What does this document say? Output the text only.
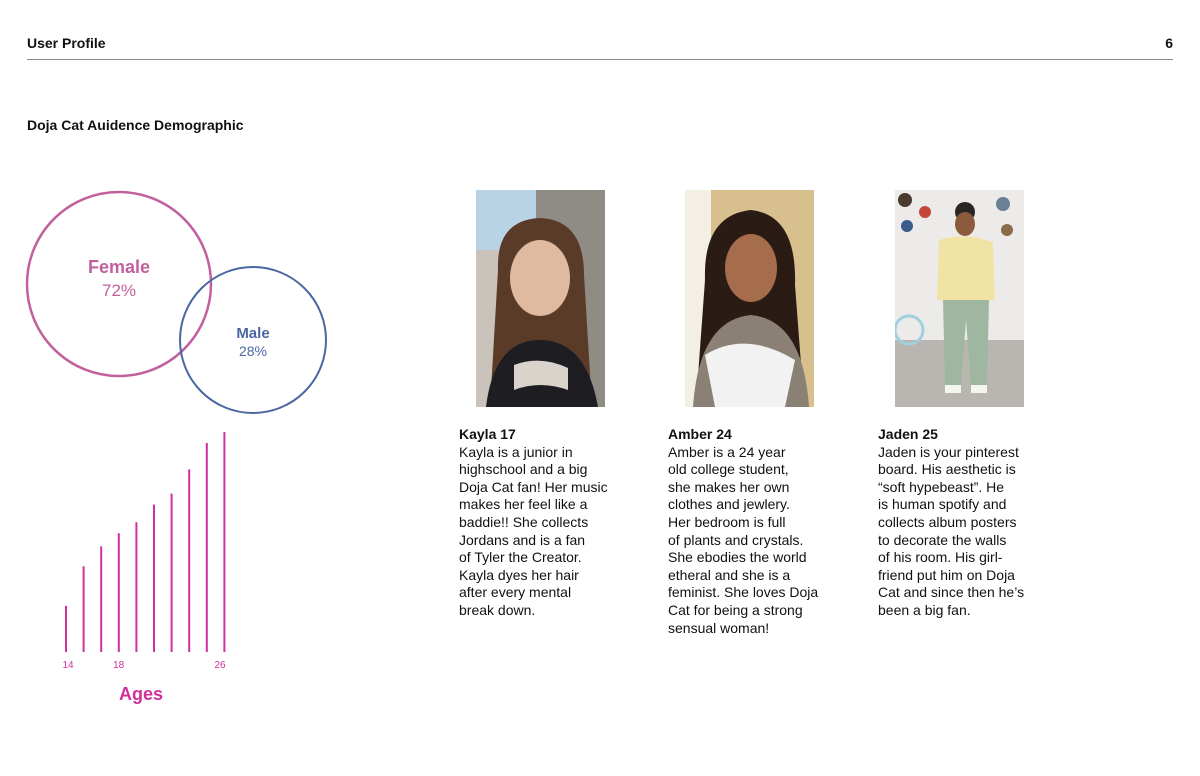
User Profile	6
Doja Cat Auidence Demographic
Female
72%
Male
28%
14	18	26
Ages
Kayla 17
Kayla is a junior in
highschool and a big
Doja Cat fan! Her music
makes her feel like a
baddie!! She collects
Jordans and is a fan
of Tyler the Creator.
Kayla dyes her hair
after every mental
break down.
Amber 24
Amber is a 24 year
old college student,
she makes her own
clothes and jewlery.
Her bedroom is full
of plants and crystals.
She ebodies the world
etheral and she is a
feminist. She loves Doja
Cat for being a strong
sensual woman!
Jaden 25
Jaden is your pinterest
board. His aesthetic is
“soft hypebeast”. He
is human spotify and
collects album posters
to decorate the walls
of his room. His girl-
friend put him on Doja
Cat and since then he’s
been a big fan.
